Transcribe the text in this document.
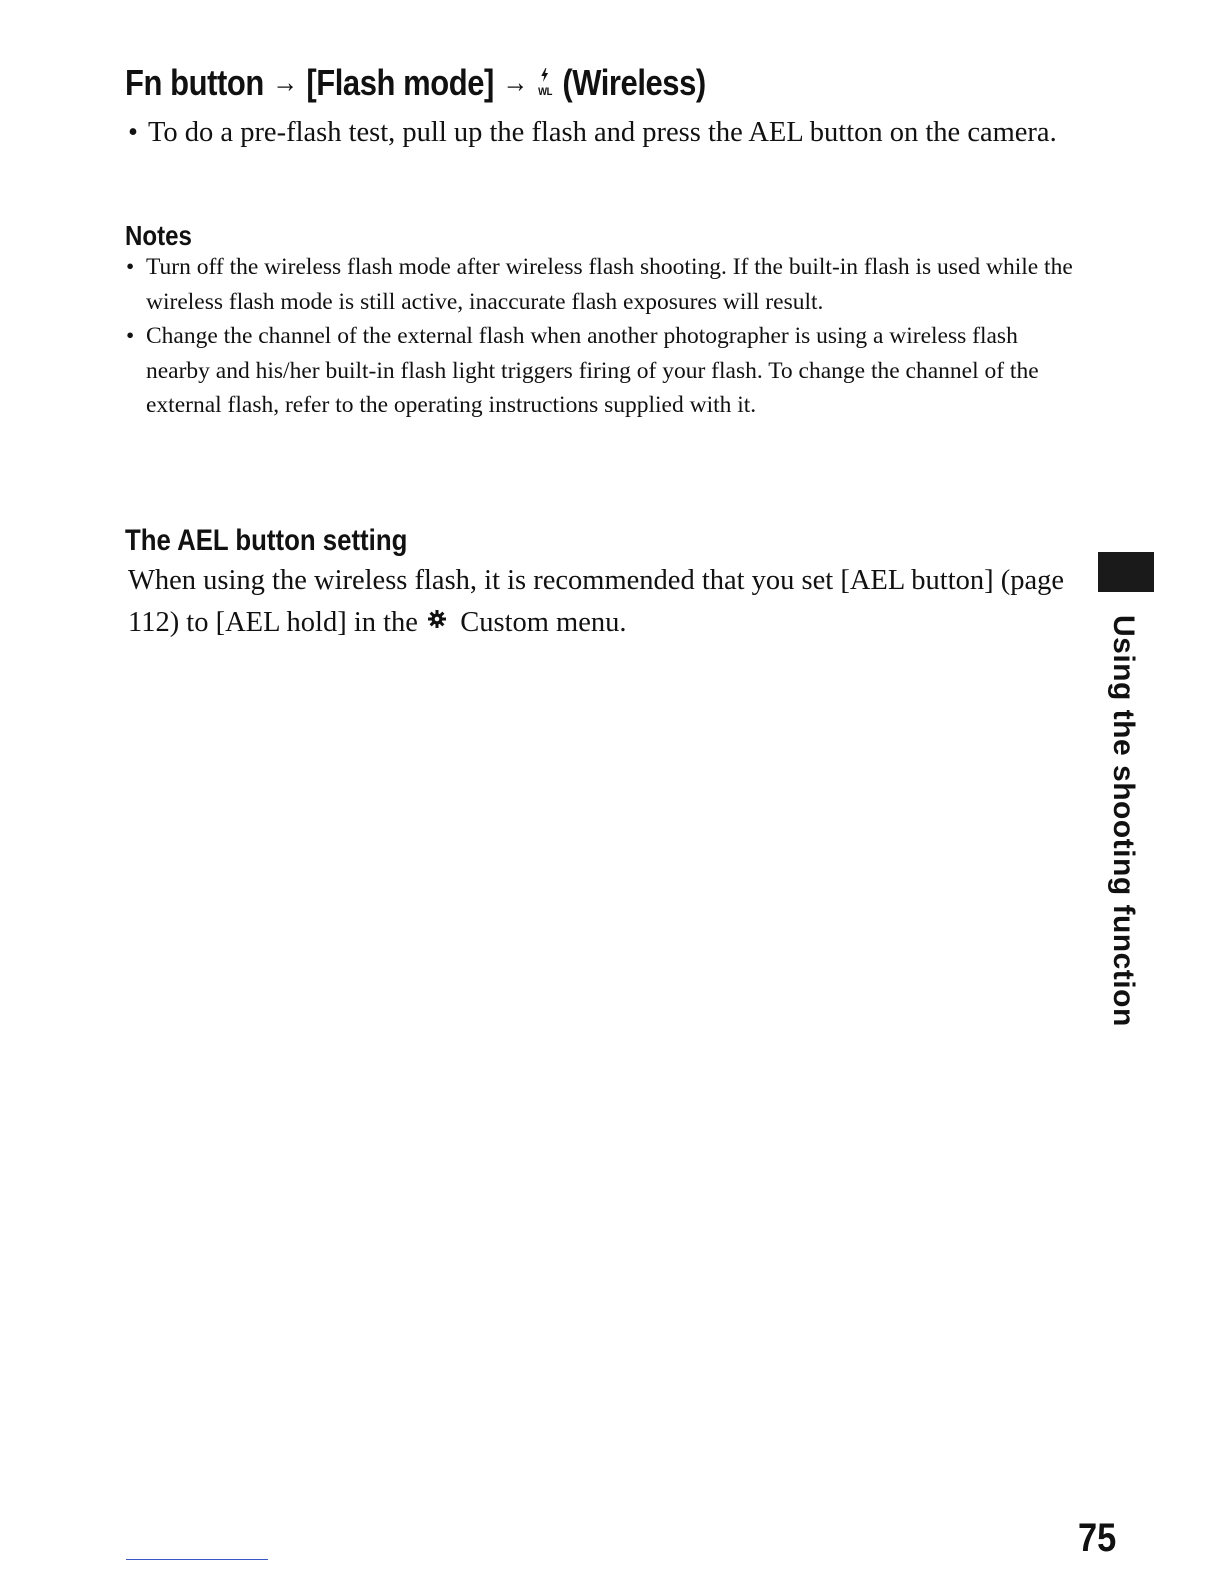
Fn button → [Flash mode] → WL (Wireless)
• To do a pre-flash test, pull up the flash and press the AEL button on the camera.
Notes
• Turn off the wireless flash mode after wireless flash shooting. If the built-in flash is used while the wireless flash mode is still active, inaccurate flash exposures will result.
• Change the channel of the external flash when another photographer is using a wireless flash nearby and his/her built-in flash light triggers firing of your flash. To change the channel of the external flash, refer to the operating instructions supplied with it.
The AEL button setting
When using the wireless flash, it is recommended that you set [AEL button] (page 112) to [AEL hold] in the Custom menu.	Using the shooting function
75
